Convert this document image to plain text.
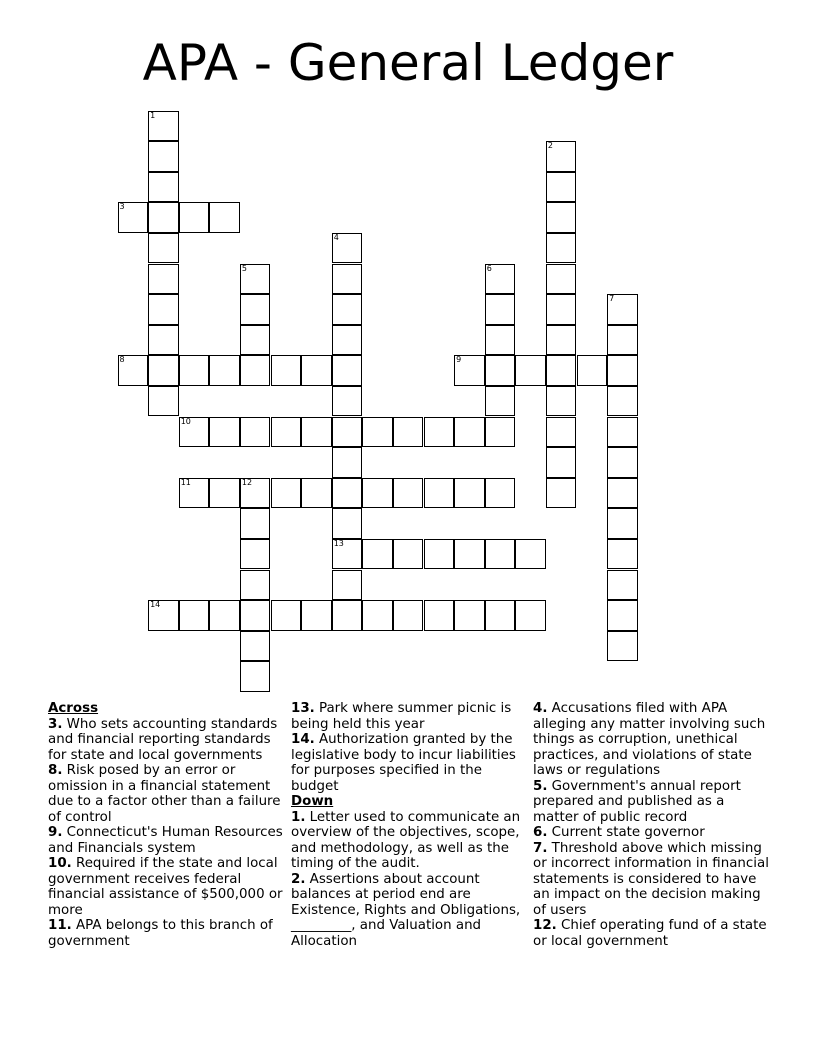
APA - General Ledger
1
2
3
4
13
5	6
7
8	9
10
11	12
14
Across
3. Who sets accounting standards and financial reporting standards for state and local governments
8. Risk posed by an error or omission in a financial statement due to a factor other than a failure of control
9. Connecticut's Human Resources and Financials system
10. Required if the state and local government receives federal financial assistance of $500,000 or more
11. APA belongs to this branch of government
13. Park where summer picnic is being held this year
14. Authorization granted by the legislative body to incur liabilities for purposes specified in the budget
Down
1. Letter used to communicate an overview of the objectives, scope, and methodology, as well as the timing of the audit.
2. Assertions about account balances at period end are Existence, Rights and Obligations, _________, and Valuation and Allocation
4. Accusations filed with APA alleging any matter involving such things as corruption, unethical practices, and violations of state laws or regulations
5. Government's annual report prepared and published as a matter of public record
6. Current state governor
7. Threshold above which missing or incorrect information in financial statements is considered to have an impact on the decision making of users
12. Chief operating fund of a state or local government
